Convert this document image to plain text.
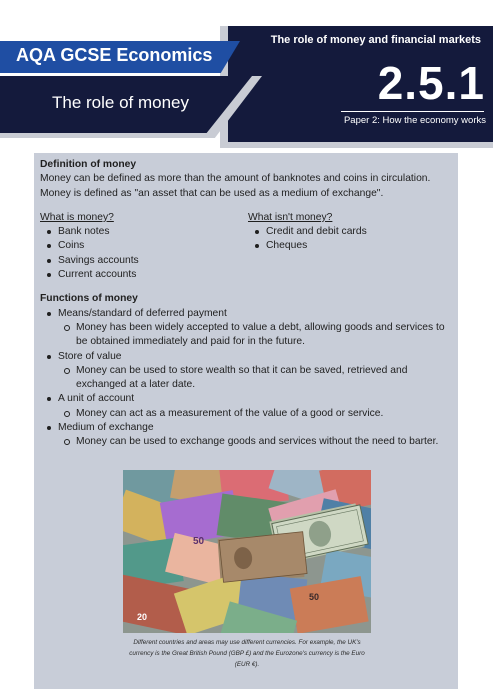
AQA GCSE Economics
The role of money
The role of money and financial markets
2.5.1
Paper 2: How the economy works

Definition of money

Money can be defined as more than the amount of banknotes and coins in circulation. Money is defined as "an asset that can be used as a medium of exchange".

What is money?

Bank notes
Coins
Savings accounts
Current accounts

What isn't money?

Credit and debit cards
Cheques

Functions of money

Means/standard of deferred payment
Money has been widely accepted to value a debt, allowing goods and services to be obtained immediately and paid for in the future.
Store of value
Money can be used to store wealth so that it can be saved, retrieved and exchanged at a later date.
A unit of account
Money can act as a measurement of the value of a good or service.
Medium of exchange
Money can be used to exchange goods and services without the need to barter.
50
50
20
Different countries and areas may use different currencies. For example, the UK's currency is the Great British Pound (GBP £) and the Eurozone's currency is the Euro (EUR €).
